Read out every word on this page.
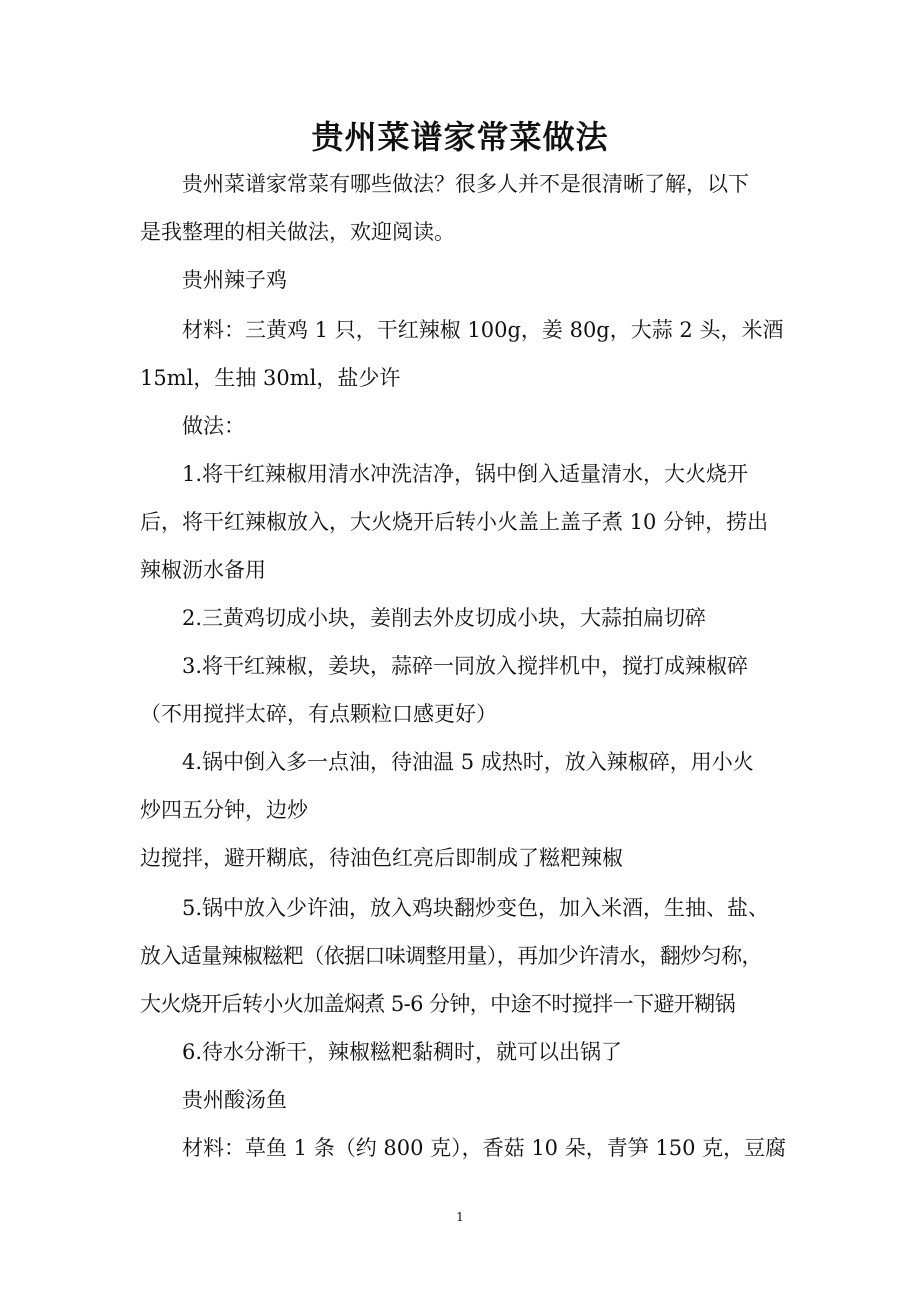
贵州菜谱家常菜做法
贵州菜谱家常菜有哪些做法？很多人并不是很清晰了解，以下
是我整理的相关做法，欢迎阅读。
贵州辣子鸡
材料：三黄鸡 1 只，干红辣椒 100g，姜 80g，大蒜 2 头，米酒
15ml，生抽 30ml，盐少许
做法：
1.将干红辣椒用清水冲洗洁净，锅中倒入适量清水，大火烧开
后，将干红辣椒放入，大火烧开后转小火盖上盖子煮 10 分钟，捞出
辣椒沥水备用
2.三黄鸡切成小块，姜削去外皮切成小块，大蒜拍扁切碎
3.将干红辣椒，姜块，蒜碎一同放入搅拌机中，搅打成辣椒碎
（不用搅拌太碎，有点颗粒口感更好）
4.锅中倒入多一点油，待油温 5 成热时，放入辣椒碎，用小火
炒四五分钟，边炒
边搅拌，避开糊底，待油色红亮后即制成了糍粑辣椒
5.锅中放入少许油，放入鸡块翻炒变色，加入米酒，生抽、盐、
放入适量辣椒糍粑（依据口味调整用量），再加少许清水，翻炒匀称，
大火烧开后转小火加盖焖煮 5-6 分钟，中途不时搅拌一下避开糊锅
6.待水分渐干，辣椒糍粑黏稠时，就可以出锅了
贵州酸汤鱼
材料：草鱼 1 条（约 800 克），香菇 10 朵，青笋 150 克，豆腐
1
